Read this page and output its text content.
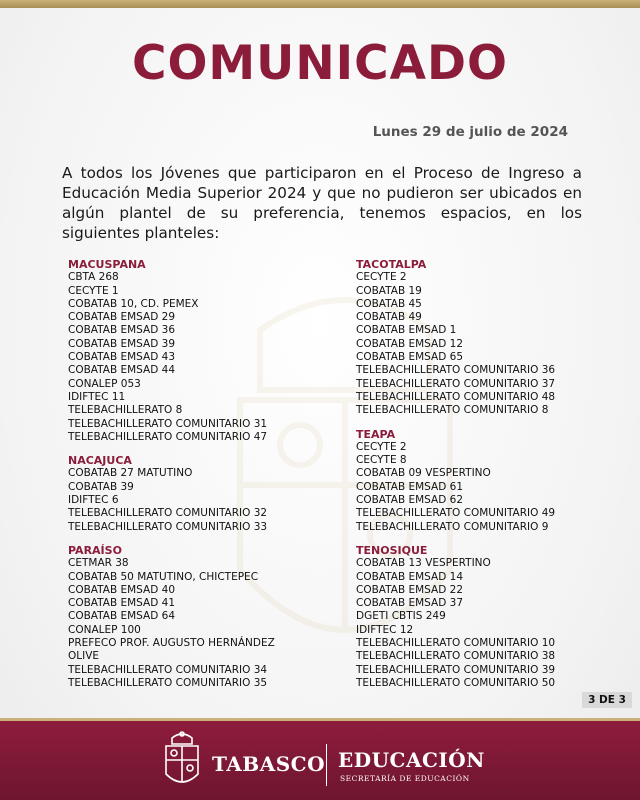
COMUNICADO
Lunes 29 de julio de 2024
A todos los Jóvenes que participaron en el Proceso de Ingreso a Educación Media Superior 2024 y que no pudieron ser ubicados en algún plantel de su preferencia, tenemos espacios, en los siguientes planteles:
MACUSPANA
CBTA 268
CECYTE 1
COBATAB 10, CD. PEMEX
COBATAB EMSAD 29
COBATAB EMSAD 36
COBATAB EMSAD 39
COBATAB EMSAD 43
COBATAB EMSAD 44
CONALEP 053
IDIFTEC 11
TELEBACHILLERATO 8
TELEBACHILLERATO COMUNITARIO 31
TELEBACHILLERATO COMUNITARIO 47
NACAJUCA
COBATAB 27 MATUTINO
COBATAB 39
IDIFTEC 6
TELEBACHILLERATO COMUNITARIO 32
TELEBACHILLERATO COMUNITARIO 33
PARAÍSO
CETMAR 38
COBATAB 50 MATUTINO, CHICTEPEC
COBATAB EMSAD 40
COBATAB EMSAD 41
COBATAB EMSAD 64
CONALEP 100
PREFECO PROF. AUGUSTO HERNÁNDEZ
OLIVE
TELEBACHILLERATO COMUNITARIO 34
TELEBACHILLERATO COMUNITARIO 35
TACOTALPA
CECYTE 2
COBATAB 19
COBATAB 45
COBATAB 49
COBATAB EMSAD 1
COBATAB EMSAD 12
COBATAB EMSAD 65
TELEBACHILLERATO COMUNITARIO 36
TELEBACHILLERATO COMUNITARIO 37
TELEBACHILLERATO COMUNITARIO 48
TELEBACHILLERATO COMUNITARIO 8
TEAPA
CECYTE 2
CECYTE 8
COBATAB 09 VESPERTINO
COBATAB EMSAD 61
COBATAB EMSAD 62
TELEBACHILLERATO COMUNITARIO 49
TELEBACHILLERATO COMUNITARIO 9
TENOSIQUE
COBATAB 13 VESPERTINO
COBATAB EMSAD 14
COBATAB EMSAD 22
COBATAB EMSAD 37
DGETI CBTIS 249
IDIFTEC 12
TELEBACHILLERATO COMUNITARIO 10
TELEBACHILLERATO COMUNITARIO 38
TELEBACHILLERATO COMUNITARIO 39
TELEBACHILLERATO COMUNITARIO 50
3 DE 3
TABASCO EDUCACIÓN
SECRETARÍA DE EDUCACIÓN
